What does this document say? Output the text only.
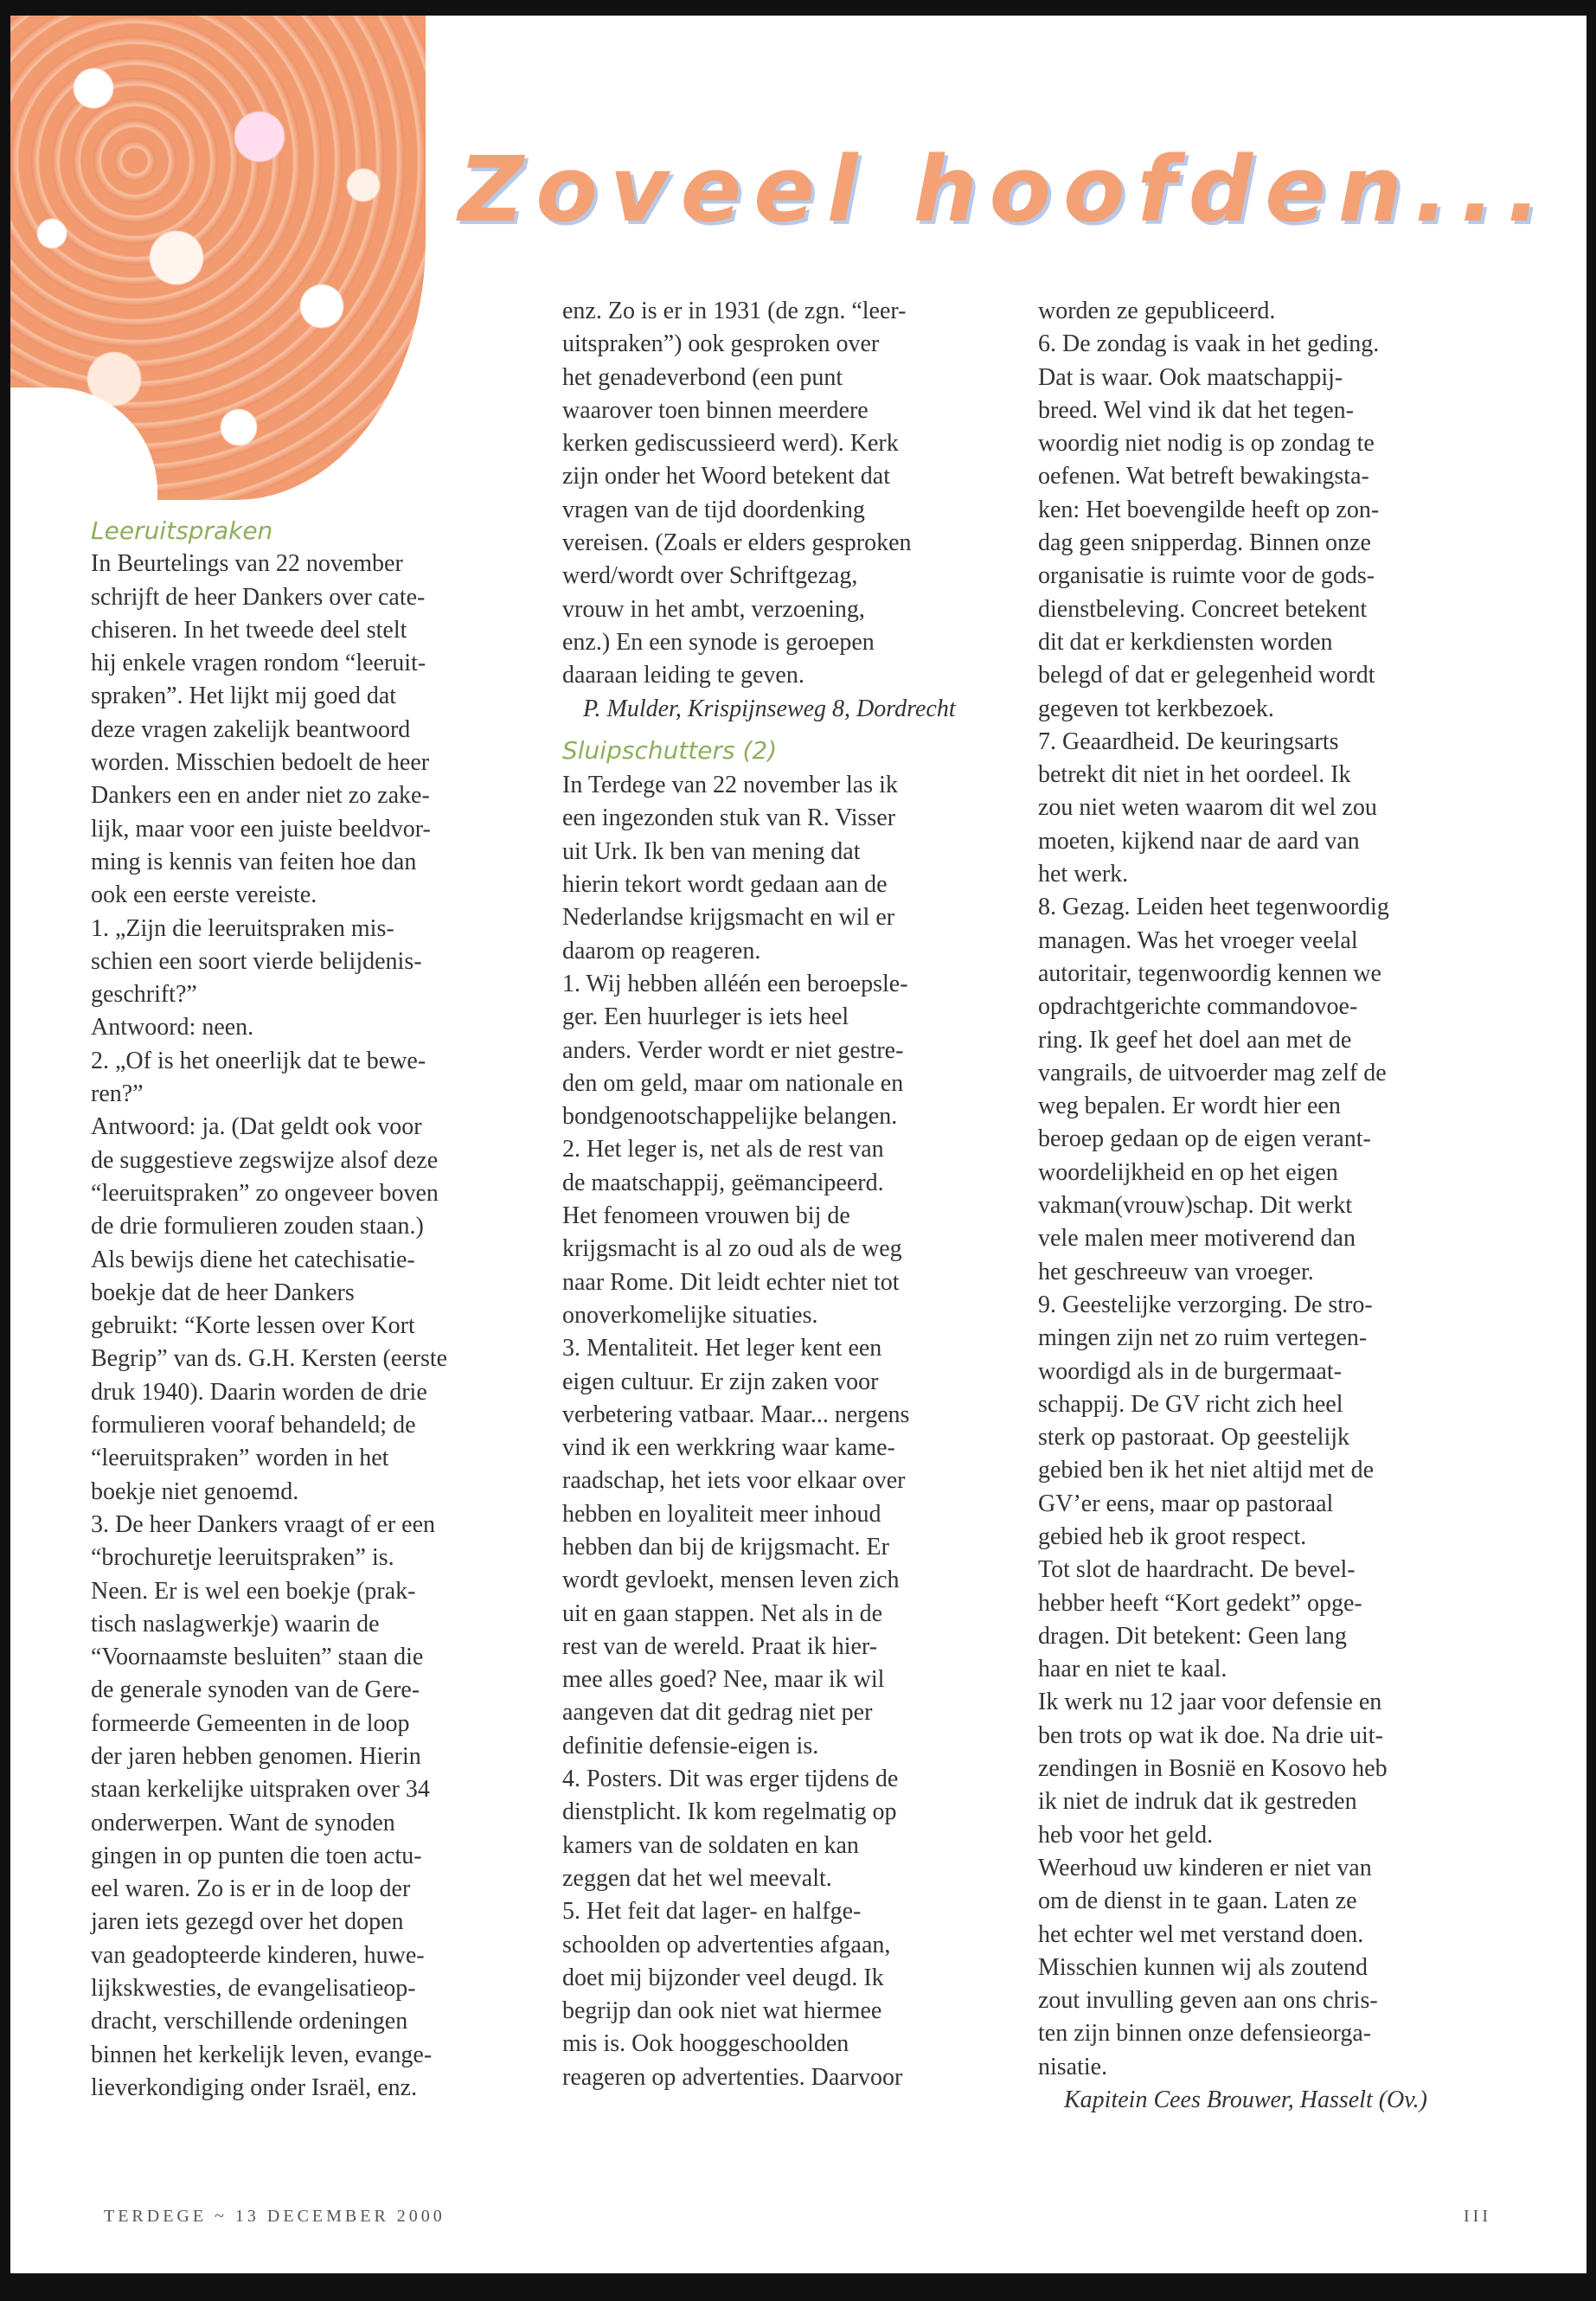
Zoveel hoofden...
Leeruitspraken
In Beurtelings van 22 november
schrijft de heer Dankers over cate-
chiseren. In het tweede deel stelt
hij enkele vragen rondom “leeruit-
spraken”. Het lijkt mij goed dat
deze vragen zakelijk beantwoord
worden. Misschien bedoelt de heer
Dankers een en ander niet zo zake-
lijk, maar voor een juiste beeldvor-
ming is kennis van feiten hoe dan
ook een eerste vereiste.
1. „Zijn die leeruitspraken mis-
schien een soort vierde belijdenis-
geschrift?”
Antwoord: neen.
2. „Of is het oneerlijk dat te bewe-
ren?”
Antwoord: ja. (Dat geldt ook voor
de suggestieve zegswijze alsof deze
“leeruitspraken” zo ongeveer boven
de drie formulieren zouden staan.)
Als bewijs diene het catechisatie-
boekje dat de heer Dankers
gebruikt: “Korte lessen over Kort
Begrip” van ds. G.H. Kersten (eerste
druk 1940). Daarin worden de drie
formulieren vooraf behandeld; de
“leeruitspraken” worden in het
boekje niet genoemd.
3. De heer Dankers vraagt of er een
“brochuretje leeruitspraken” is.
Neen. Er is wel een boekje (prak-
tisch naslagwerkje) waarin de
“Voornaamste besluiten” staan die
de generale synoden van de Gere-
formeerde Gemeenten in de loop
der jaren hebben genomen. Hierin
staan kerkelijke uitspraken over 34
onderwerpen. Want de synoden
gingen in op punten die toen actu-
eel waren. Zo is er in de loop der
jaren iets gezegd over het dopen
van geadopteerde kinderen, huwe-
lijkskwesties, de evangelisatieop-
dracht, verschillende ordeningen
binnen het kerkelijk leven, evange-
lieverkondiging onder Israël, enz.
enz. Zo is er in 1931 (de zgn. “leer-
uitspraken”) ook gesproken over
het genadeverbond (een punt
waarover toen binnen meerdere
kerken gediscussieerd werd). Kerk
zijn onder het Woord betekent dat
vragen van de tijd doordenking
vereisen. (Zoals er elders gesproken
werd/wordt over Schriftgezag,
vrouw in het ambt, verzoening,
enz.) En een synode is geroepen
daaraan leiding te geven.
P. Mulder, Krispijnseweg 8, Dordrecht
Sluipschutters (2)
In Terdege van 22 november las ik
een ingezonden stuk van R. Visser
uit Urk. Ik ben van mening dat
hierin tekort wordt gedaan aan de
Nederlandse krijgsmacht en wil er
daarom op reageren.
1. Wij hebben alléén een beroepsle-
ger. Een huurleger is iets heel
anders. Verder wordt er niet gestre-
den om geld, maar om nationale en
bondgenootschappelijke belangen.
2. Het leger is, net als de rest van
de maatschappij, geëmancipeerd.
Het fenomeen vrouwen bij de
krijgsmacht is al zo oud als de weg
naar Rome. Dit leidt echter niet tot
onoverkomelijke situaties.
3. Mentaliteit. Het leger kent een
eigen cultuur. Er zijn zaken voor
verbetering vatbaar. Maar... nergens
vind ik een werkkring waar kame-
raadschap, het iets voor elkaar over
hebben en loyaliteit meer inhoud
hebben dan bij de krijgsmacht. Er
wordt gevloekt, mensen leven zich
uit en gaan stappen. Net als in de
rest van de wereld. Praat ik hier-
mee alles goed? Nee, maar ik wil
aangeven dat dit gedrag niet per
definitie defensie-eigen is.
4. Posters. Dit was erger tijdens de
dienstplicht. Ik kom regelmatig op
kamers van de soldaten en kan
zeggen dat het wel meevalt.
5. Het feit dat lager- en halfge-
schoolden op advertenties afgaan,
doet mij bijzonder veel deugd. Ik
begrijp dan ook niet wat hiermee
mis is. Ook hooggeschoolden
reageren op advertenties. Daarvoor
worden ze gepubliceerd.
6. De zondag is vaak in het geding.
Dat is waar. Ook maatschappij-
breed. Wel vind ik dat het tegen-
woordig niet nodig is op zondag te
oefenen. Wat betreft bewakingsta-
ken: Het boevengilde heeft op zon-
dag geen snipperdag. Binnen onze
organisatie is ruimte voor de gods-
dienstbeleving. Concreet betekent
dit dat er kerkdiensten worden
belegd of dat er gelegenheid wordt
gegeven tot kerkbezoek.
7. Geaardheid. De keuringsarts
betrekt dit niet in het oordeel. Ik
zou niet weten waarom dit wel zou
moeten, kijkend naar de aard van
het werk.
8. Gezag. Leiden heet tegenwoordig
managen. Was het vroeger veelal
autoritair, tegenwoordig kennen we
opdrachtgerichte commandovoe-
ring. Ik geef het doel aan met de
vangrails, de uitvoerder mag zelf de
weg bepalen. Er wordt hier een
beroep gedaan op de eigen verant-
woordelijkheid en op het eigen
vakman(vrouw)schap. Dit werkt
vele malen meer motiverend dan
het geschreeuw van vroeger.
9. Geestelijke verzorging. De stro-
mingen zijn net zo ruim vertegen-
woordigd als in de burgermaat-
schappij. De GV richt zich heel
sterk op pastoraat. Op geestelijk
gebied ben ik het niet altijd met de
GV’er eens, maar op pastoraal
gebied heb ik groot respect.
Tot slot de haardracht. De bevel-
hebber heeft “Kort gedekt” opge-
dragen. Dit betekent: Geen lang
haar en niet te kaal.
Ik werk nu 12 jaar voor defensie en
ben trots op wat ik doe. Na drie uit-
zendingen in Bosnië en Kosovo heb
ik niet de indruk dat ik gestreden
heb voor het geld.
Weerhoud uw kinderen er niet van
om de dienst in te gaan. Laten ze
het echter wel met verstand doen.
Misschien kunnen wij als zoutend
zout invulling geven aan ons chris-
ten zijn binnen onze defensieorga-
nisatie.
Kapitein Cees Brouwer, Hasselt (Ov.)
TERDEGE ~ 13 DECEMBER 2000	III
